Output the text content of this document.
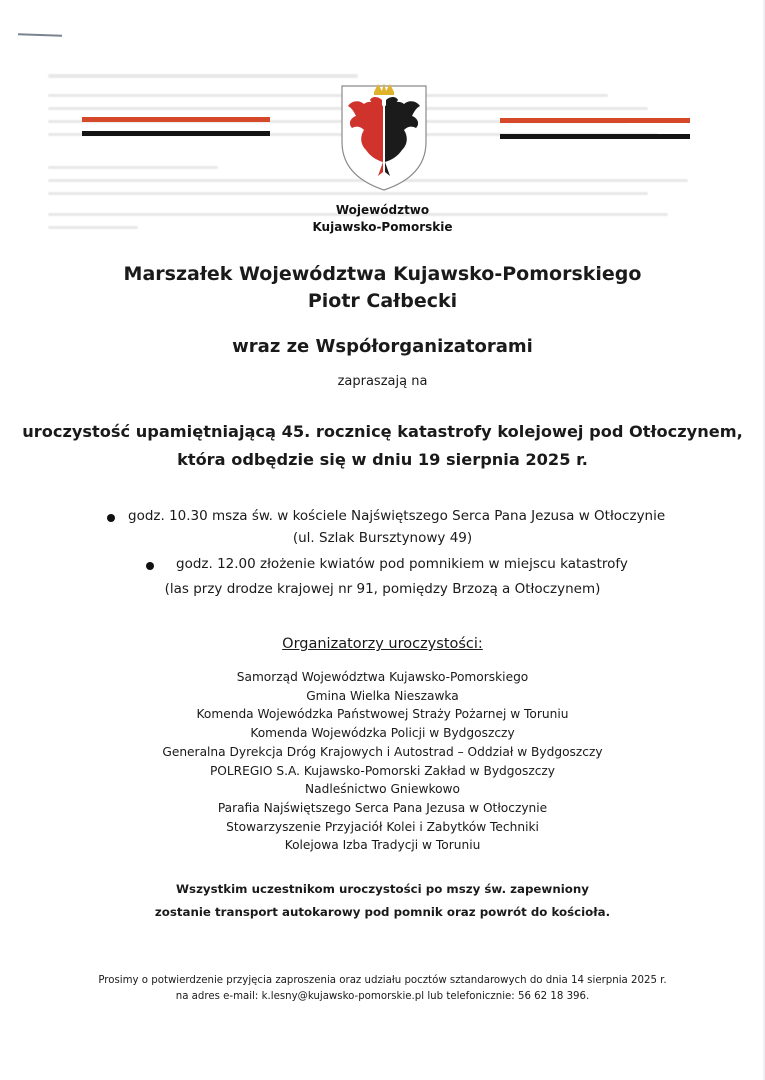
Województwo
Kujawsko-Pomorskie
Marszałek Województwa Kujawsko-Pomorskiego
Piotr Całbecki
wraz ze Współorganizatorami
zapraszają na
uroczystość upamiętniającą 45. rocznicę katastrofy kolejowej pod Otłoczynem,
która odbędzie się w dniu 19 sierpnia 2025 r.
godz. 10.30 msza św. w kościele Najświętszego Serca Pana Jezusa w Otłoczynie
(ul. Szlak Bursztynowy 49)
godz. 12.00 złożenie kwiatów pod pomnikiem w miejscu katastrofy
(las przy drodze krajowej nr 91, pomiędzy Brzozą a Otłoczynem)
Organizatorzy uroczystości:
Samorząd Województwa Kujawsko-Pomorskiego
Gmina Wielka Nieszawka
Komenda Wojewódzka Państwowej Straży Pożarnej w Toruniu
Komenda Wojewódzka Policji w Bydgoszczy
Generalna Dyrekcja Dróg Krajowych i Autostrad – Oddział w Bydgoszczy
POLREGIO S.A. Kujawsko-Pomorski Zakład w Bydgoszczy
Nadleśnictwo Gniewkowo
Parafia Najświętszego Serca Pana Jezusa w Otłoczynie
Stowarzyszenie Przyjaciół Kolei i Zabytków Techniki
Kolejowa Izba Tradycji w Toruniu
Wszystkim uczestnikom uroczystości po mszy św. zapewniony
zostanie transport autokarowy pod pomnik oraz powrót do kościoła.
Prosimy o potwierdzenie przyjęcia zaproszenia oraz udziału pocztów sztandarowych do dnia 14 sierpnia 2025 r.
na adres e-mail: k.lesny@kujawsko-pomorskie.pl lub telefonicznie: 56 62 18 396.
